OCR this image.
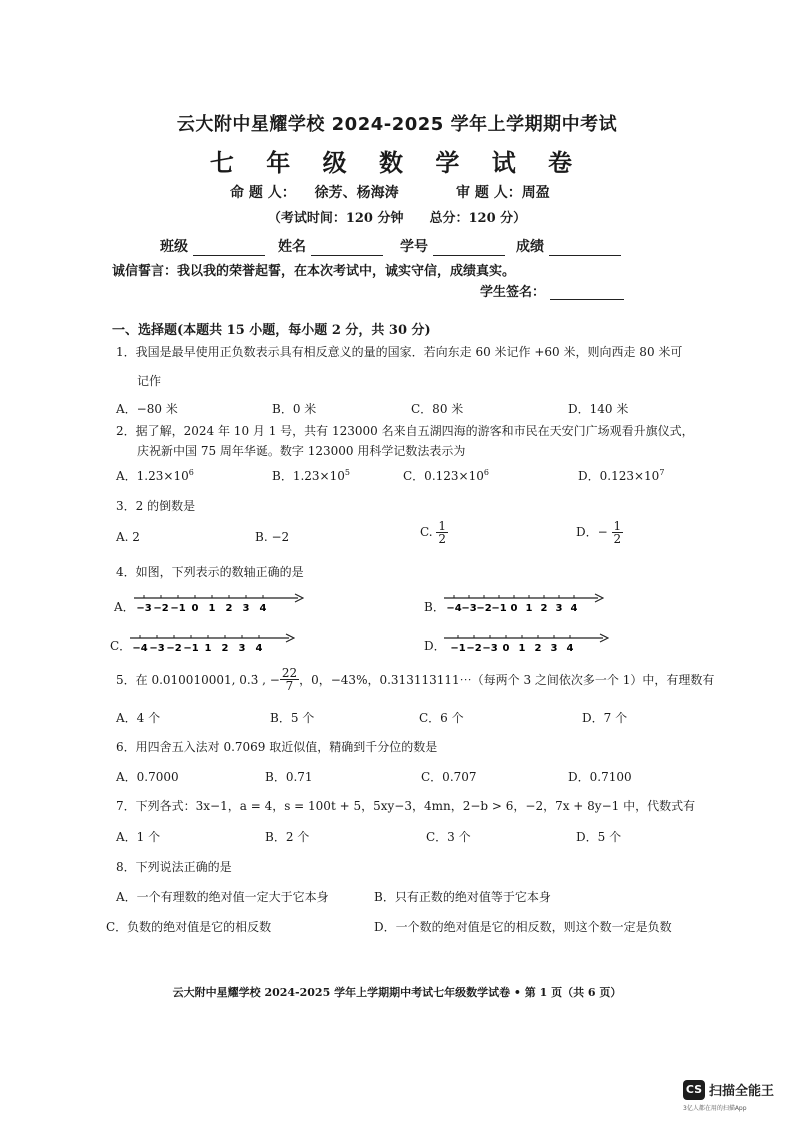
云大附中星耀学校 2024-2025 学年上学期期中考试
七 年 级 数 学 试 卷
命 题 人： 徐芳、杨海涛	审 题 人：周盈
（考试时间：120 分钟　　总分：120 分）
班级	姓名	学号	成绩
诚信誓言：我以我的荣誉起誓，在本次考试中，诚实守信，成绩真实。
学生签名：
一、选择题(本题共 15 小题，每小题 2 分，共 30 分)
1．我国是最早使用正负数表示具有相反意义的量的国家．若向东走 60 米记作 +60 米，则向西走 80 米可
记作
A．−80 米	B．0 米	C．80 米	D．140 米
2．据了解，2024 年 10 月 1 号，共有 123000 名来自五湖四海的游客和市民在天安门广场观看升旗仪式，
庆祝新中国 75 周年华诞。数字 123000 用科学记数法表示为
A．$1.23\times 10^6$	B．$1.23\times 10^5$	C．$0.123\times 10^6$	D．$0.123\times 10^7$
3．2 的倒数是
A. 2	B. −2	C. $\frac{1}{2}$	D．− $\frac{1}{2}$
4．如图，下列表示的数轴正确的是
A．	B．
C．	D．
−3 −2 −1 0 1 2 3 4	−4 −3 −2 −1 0 1 2 3 4
−4 −3 −2 −1 1 2 3 4	−1 −2 −3 0 1 2 3 4
5．在 0.010010001, 0.3̇ , − $\frac{22}{7}$ ，0，−43%，0.313113111⋯（每两个 3 之间依次多一个 1）中，有理数有
A．4 个	B．5 个	C．6 个	D．7 个
6．用四舍五入法对 0.7069 取近似值，精确到千分位的数是
A．0.7000	B．0.71	C．0.707	D．0.7100
7．下列各式：3x−1，a = 4，s = 100t + 5，5xy−3，4mn，2−b > 6，−2，7x + 8y−1 中，代数式有
A．1 个	B．2 个	C．3 个	D．5 个
8．下列说法正确的是
A．一个有理数的绝对值一定大于它本身	B．只有正数的绝对值等于它本身
C．负数的绝对值是它的相反数	D．一个数的绝对值是它的相反数，则这个数一定是负数
云大附中星耀学校 2024-2025 学年上学期期中考试七年级数学试卷 • 第 1 页（共 6 页）
CS 扫描全能王
3亿人都在用的扫描App
